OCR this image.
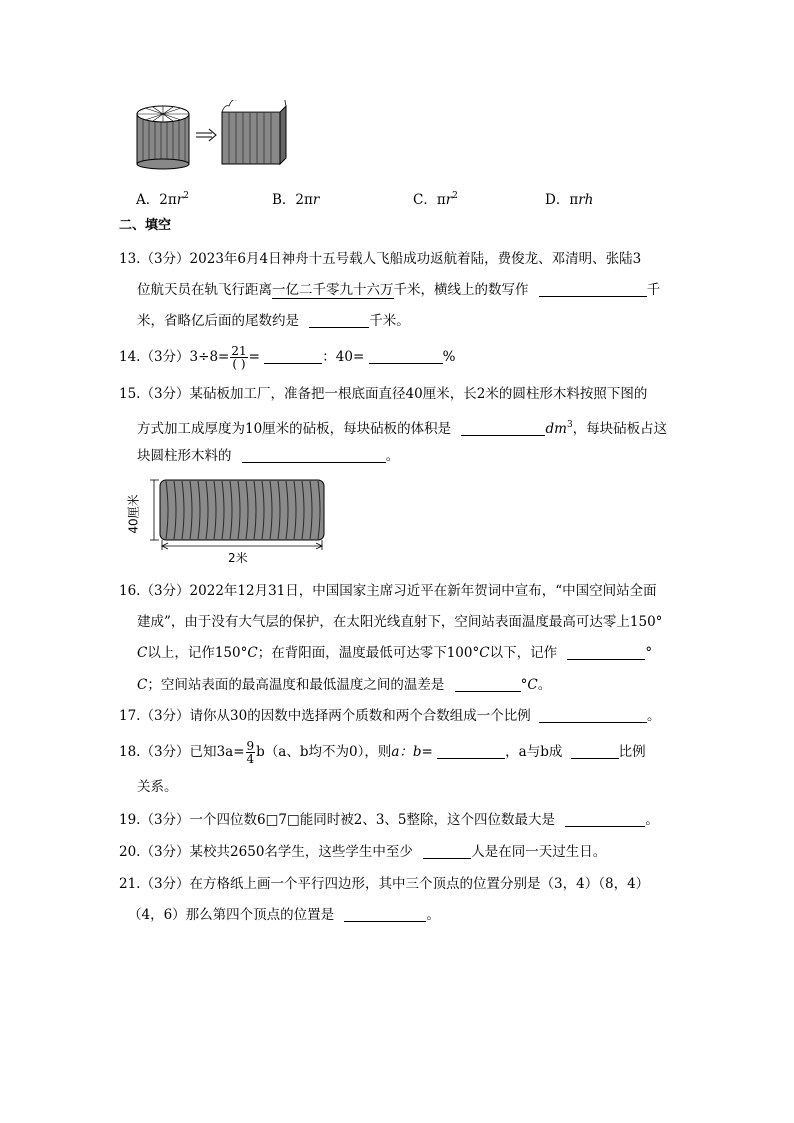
A．$2\pi r^2$	B．2πr	C．$\pi r^2$	D．πrh
二、填空
13.（3分）2023年6月4日神舟十五号载人飞船成功返航着陆，费俊龙、邓清明、张陆3
位航天员在轨飞行距离一亿二千零九十六万千米，横线上的数写作	千
米，省略亿后面的尾数约是	千米。
14.（3分）$3\div 8= \frac{21}{( )}$ =	：40=	%
15.（3分）某砧板加工厂，准备把一根底面直径40厘米，长2米的圆柱形木料按照下图的
方式加工成厚度为10厘米的砧板，每块砧板的体积是	$dm^3$，每块砧板占这
块圆柱形木料的	。
40厘米
2米
16.（3分）2022年12月31日，中国国家主席习近平在新年贺词中宣布，“中国空间站全面
建成”，由于没有大气层的保护，在太阳光线直射下，空间站表面温度最高可达零上150°
C以上，记作150°C；在背阳面，温度最低可达零下100°C以下，记作	°
C；空间站表面的最高温度和最低温度之间的温差是	°C。
17.（3分）请你从30的因数中选择两个质数和两个合数组成一个比例	。
18.（3分）已知$3a= \frac{9}{4} b(a$、b均不为0），则a：b=	，a与b成	比例
关系。
19.（3分）一个四位数6□7□能同时被2、3、5整除，这个四位数最大是	。
20.（3分）某校共2650名学生，这些学生中至少	人是在同一天过生日。
21.（3分）在方格纸上画一个平行四边形，其中三个顶点的位置分别是（3，4）（8，4）
（4，6）那么第四个顶点的位置是	。
